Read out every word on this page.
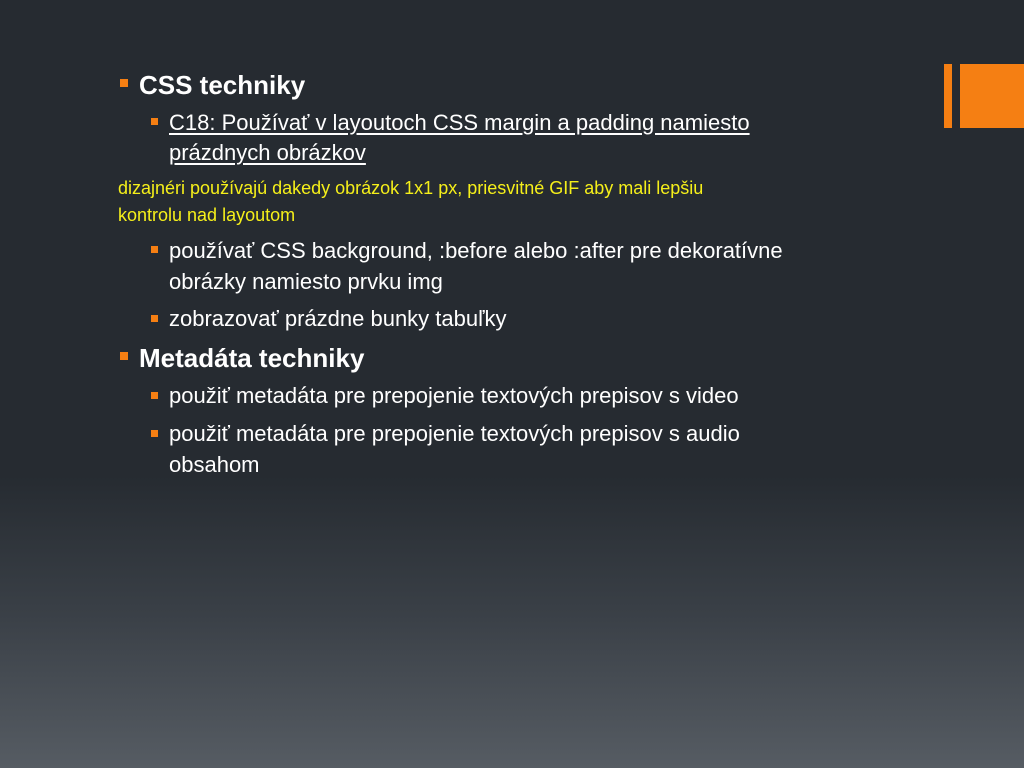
CSS techniky
C18: Používať v layoutoch CSS margin a padding namiesto
prázdnych obrázkov
dizajnéri používajú dakedy obrázok 1x1 px, priesvitné GIF aby mali lepšiu
kontrolu nad layoutom
používať CSS background, :before alebo :after pre dekoratívne
obrázky namiesto prvku img
zobrazovať prázdne bunky tabuľky
Metadáta techniky
použiť metadáta pre prepojenie textových prepisov s video
použiť metadáta pre prepojenie textových prepisov s audio
obsahom
